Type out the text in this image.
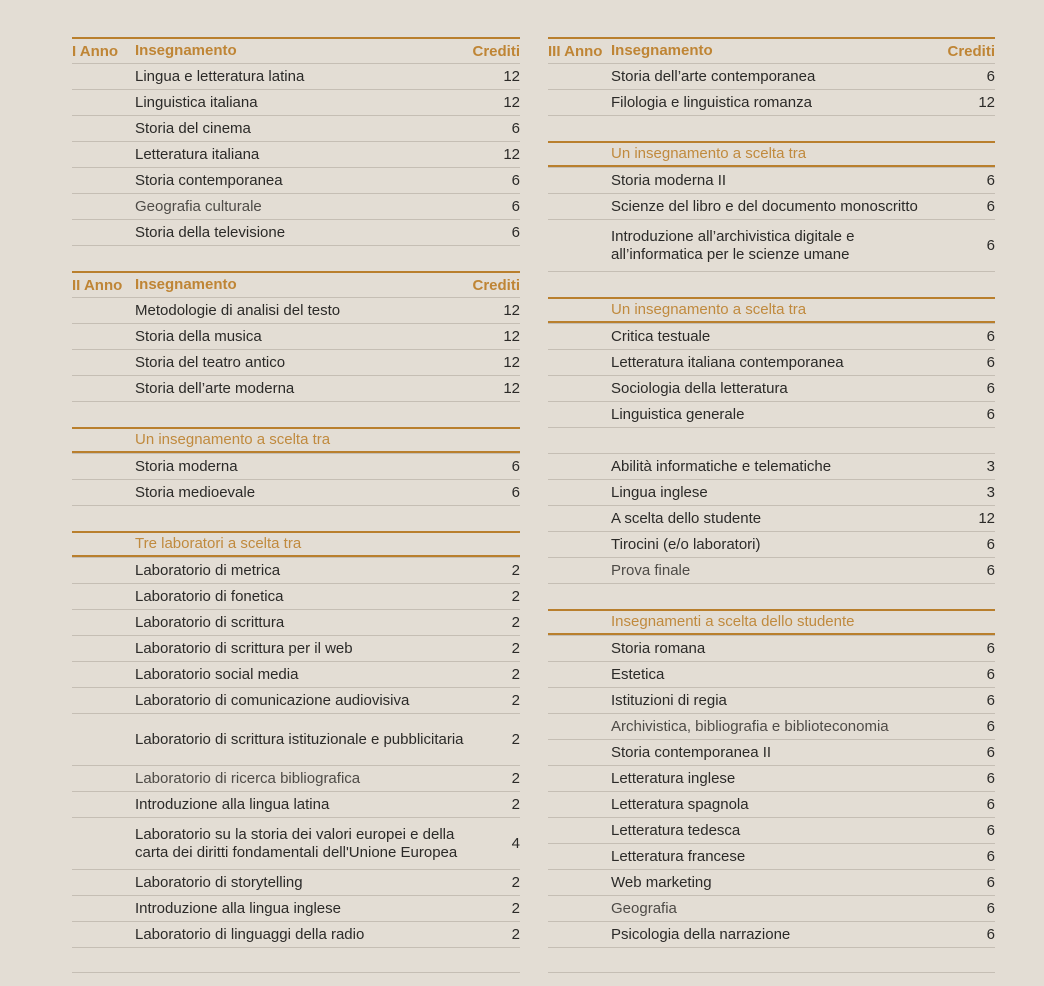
I Anno Insegnamento	Crediti
Lingua e letteratura latina	12
Linguistica italiana	12
Storia del cinema	6
Letteratura italiana	12
Storia contemporanea	6
Geografia culturale	6
Storia della televisione	6
II Anno Insegnamento	Crediti
Metodologie di analisi del testo	12
Storia della musica	12
Storia del teatro antico	12
Storia dell’arte moderna	12
Un insegnamento a scelta tra
Storia moderna	6
Storia medioevale	6
Tre laboratori a scelta tra
Laboratorio di metrica	2
Laboratorio di fonetica	2
Laboratorio di scrittura	2
Laboratorio di scrittura per il web	2
Laboratorio social media	2
Laboratorio di comunicazione audiovisiva	2
Laboratorio di scrittura istituzionale e pubblicitaria	2
Laboratorio di ricerca bibliografica	2
Introduzione alla lingua latina	2
Laboratorio su la storia dei valori europei e della carta dei diritti fondamentali dell'Unione Europea	4
Laboratorio di storytelling	2
Introduzione alla lingua inglese	2
Laboratorio di linguaggi della radio	2
III Anno Insegnamento	Crediti
Storia dell’arte contemporanea	6
Filologia e linguistica romanza	12
Un insegnamento a scelta tra
Storia moderna II	6
Scienze del libro e del documento monoscritto	6
Introduzione all’archivistica digitale e all’informatica per le scienze umane	6
Un insegnamento a scelta tra
Critica testuale	6
Letteratura italiana contemporanea	6
Sociologia della letteratura	6
Linguistica generale	6
Abilità informatiche e telematiche	3
Lingua inglese	3
A scelta dello studente	12
Tirocini (e/o laboratori)	6
Prova finale	6
Insegnamenti a scelta dello studente
Storia romana	6
Estetica	6
Istituzioni di regia	6
Archivistica, bibliografia e biblioteconomia	6
Storia contemporanea II	6
Letteratura inglese	6
Letteratura spagnola	6
Letteratura tedesca	6
Letteratura francese	6
Web marketing	6
Geografia	6
Psicologia della narrazione	6
